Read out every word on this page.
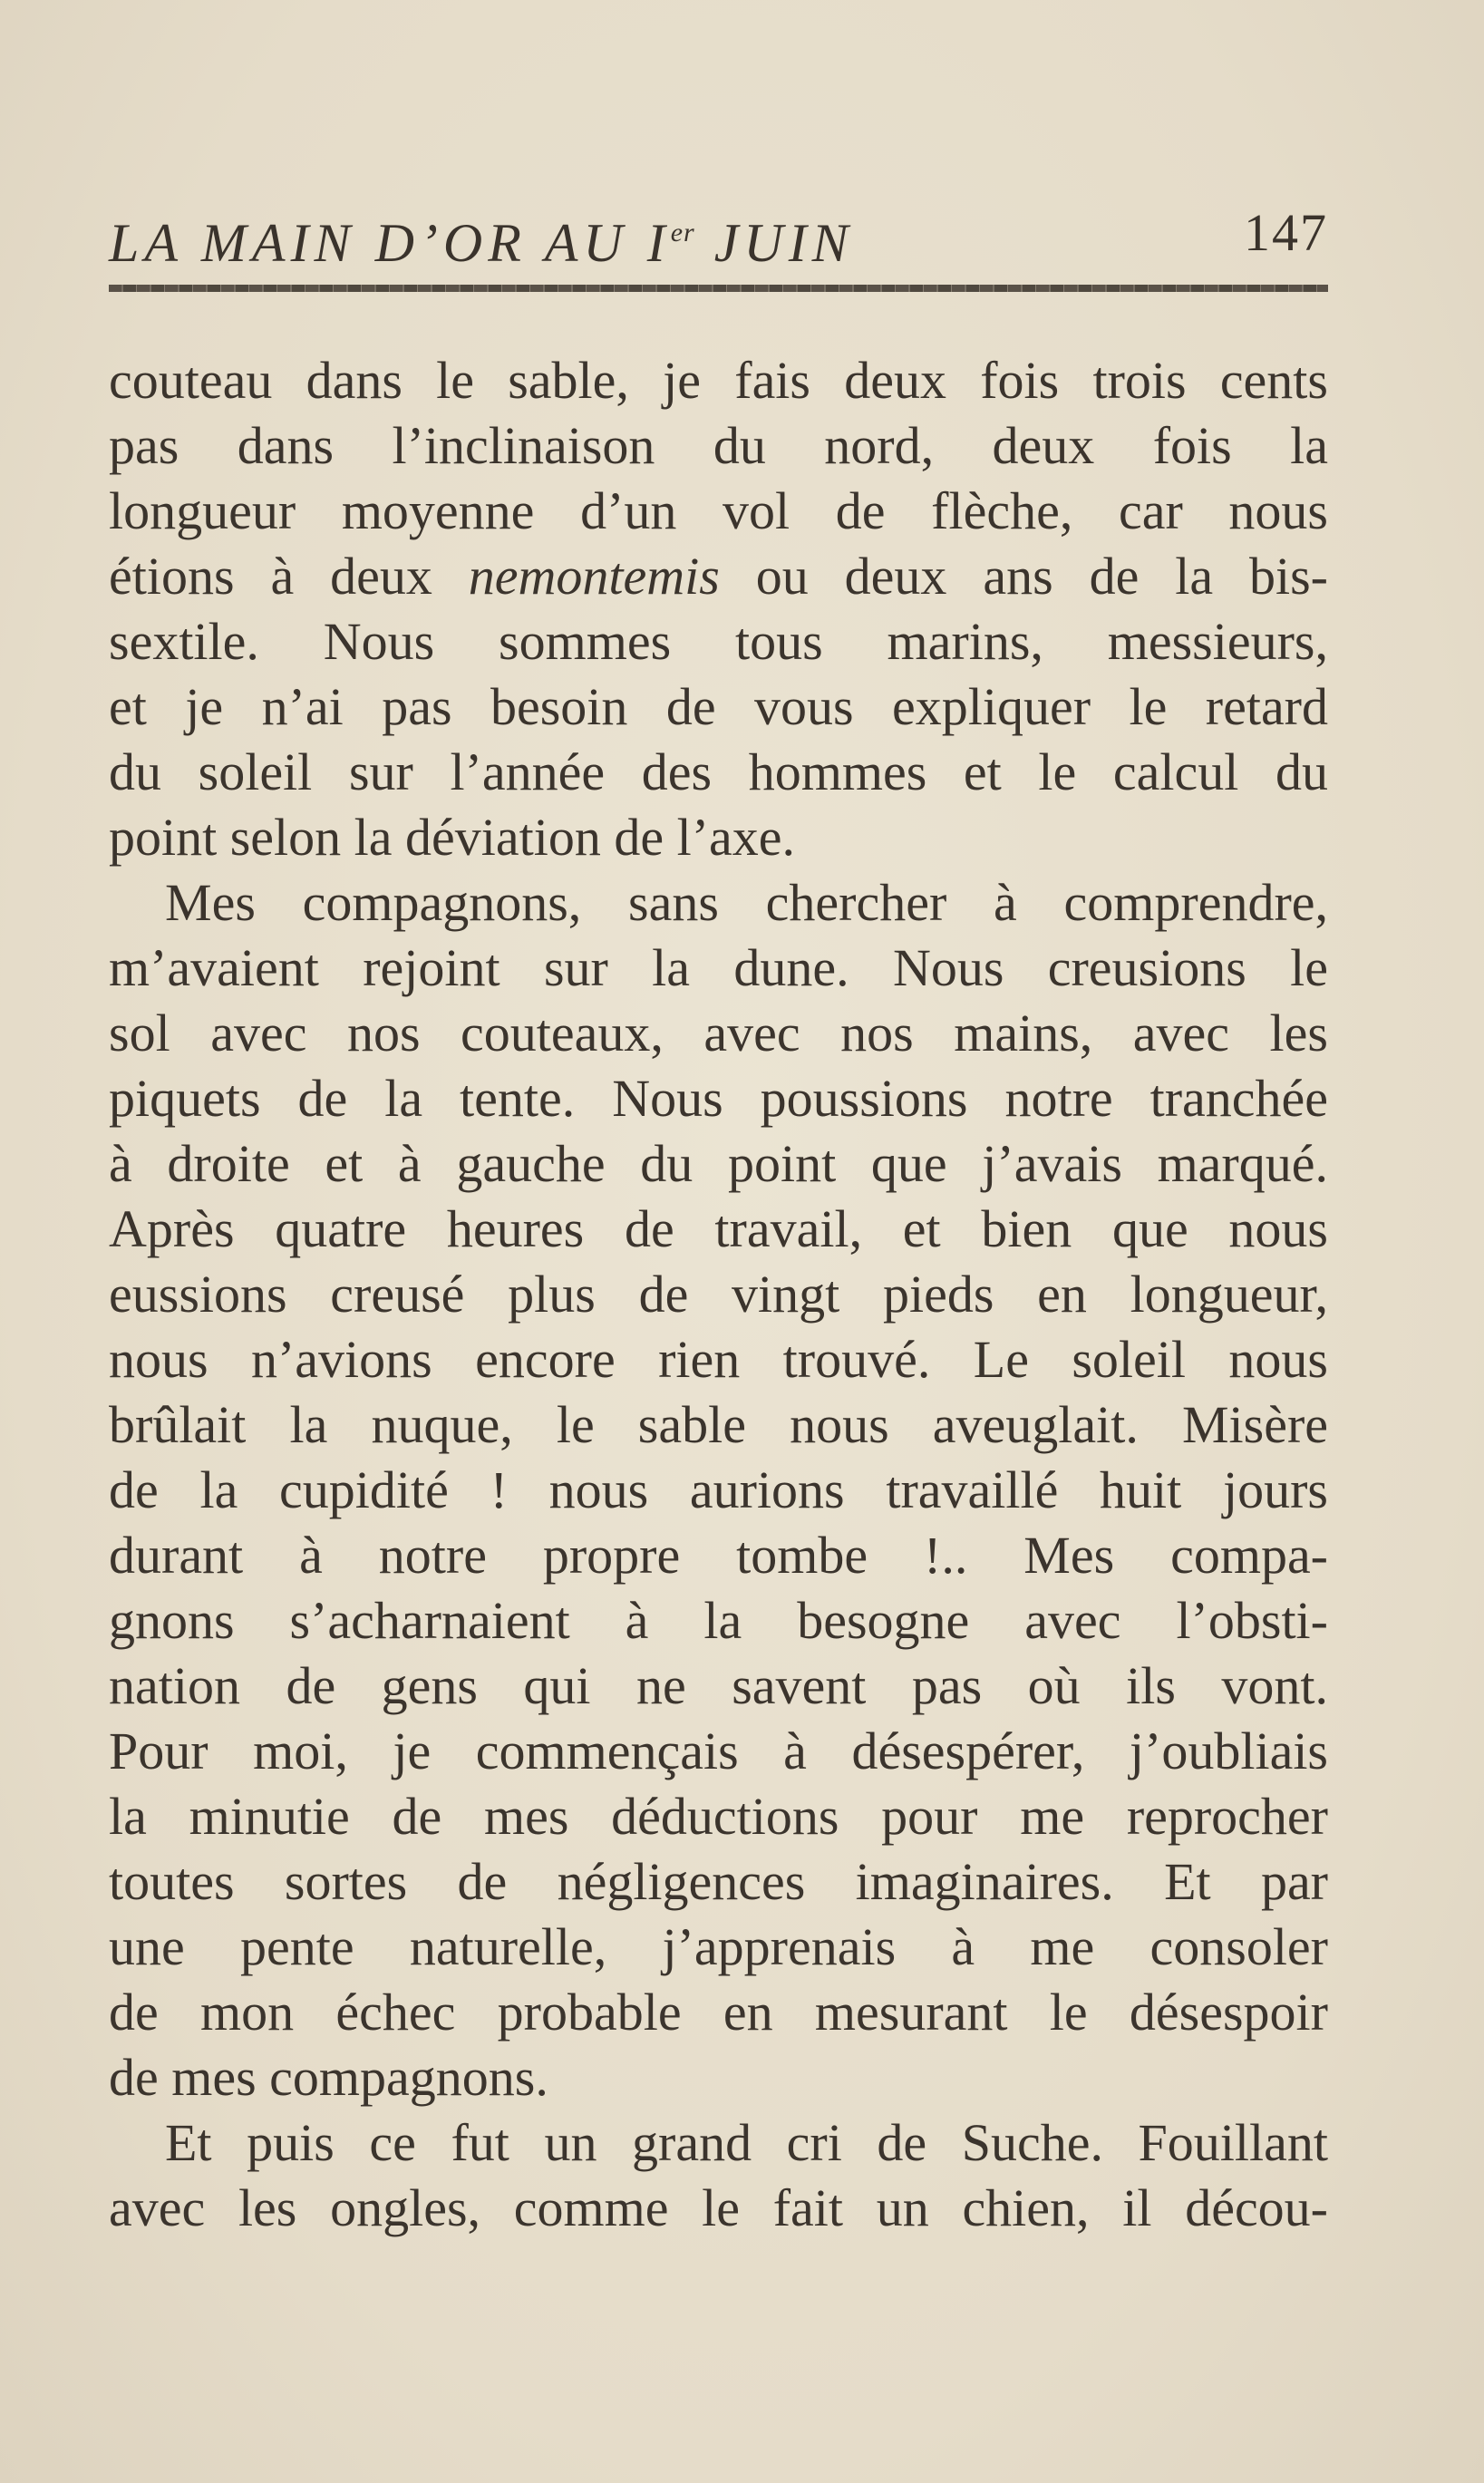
LA MAIN D’OR AU Ier JUIN	147
couteau dans le sable, je fais deux fois trois cents
pas dans l’inclinaison du nord, deux fois la
longueur moyenne d’un vol de flèche, car nous
étions à deux nemontemis ou deux ans de la bis-
sextile. Nous sommes tous marins, messieurs,
et je n’ai pas besoin de vous expliquer le retard
du soleil sur l’année des hommes et le calcul du
point selon la déviation de l’axe.
Mes compagnons, sans chercher à comprendre,
m’avaient rejoint sur la dune. Nous creusions le
sol avec nos couteaux, avec nos mains, avec les
piquets de la tente. Nous poussions notre tranchée
à droite et à gauche du point que j’avais marqué.
Après quatre heures de travail, et bien que nous
eussions creusé plus de vingt pieds en longueur,
nous n’avions encore rien trouvé. Le soleil nous
brûlait la nuque, le sable nous aveuglait. Misère
de la cupidité ! nous aurions travaillé huit jours
durant à notre propre tombe !.. Mes compa-
gnons s’acharnaient à la besogne avec l’obsti-
nation de gens qui ne savent pas où ils vont.
Pour moi, je commençais à désespérer, j’oubliais
la minutie de mes déductions pour me reprocher
toutes sortes de négligences imaginaires. Et par
une pente naturelle, j’apprenais à me consoler
de mon échec probable en mesurant le désespoir
de mes compagnons.
Et puis ce fut un grand cri de Suche. Fouillant
avec les ongles, comme le fait un chien, il décou-
